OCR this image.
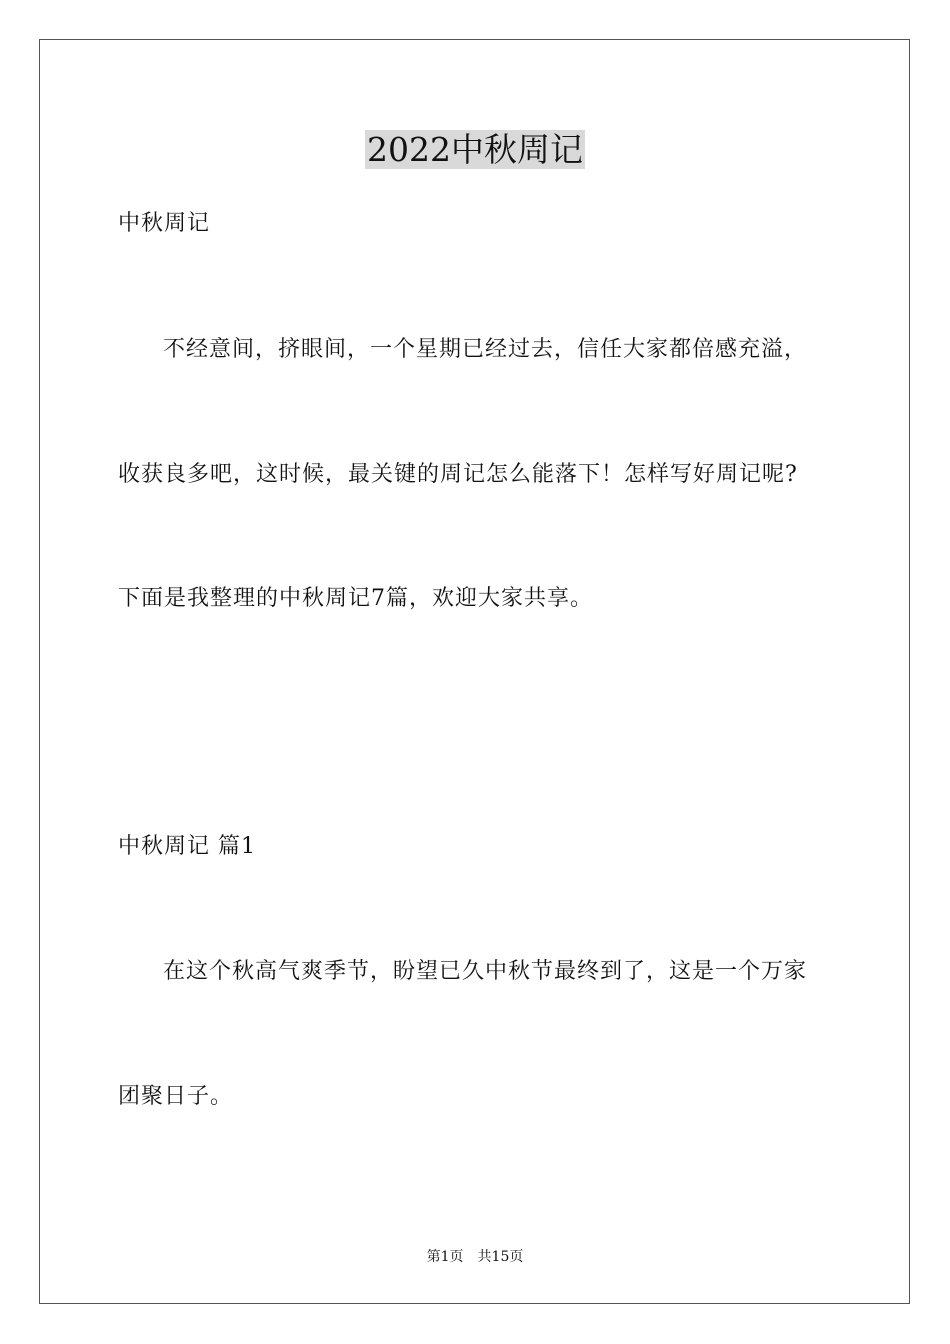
2022中秋周记
中秋周记
不经意间，挤眼间，一个星期已经过去，信任大家都倍感充溢，
收获良多吧，这时候，最关键的周记怎么能落下！怎样写好周记呢?
下面是我整理的中秋周记7篇，欢迎大家共享。
中秋周记 篇1
在这个秋高气爽季节，盼望已久中秋节最终到了，这是一个万家
团聚日子。
第1页 共15页
